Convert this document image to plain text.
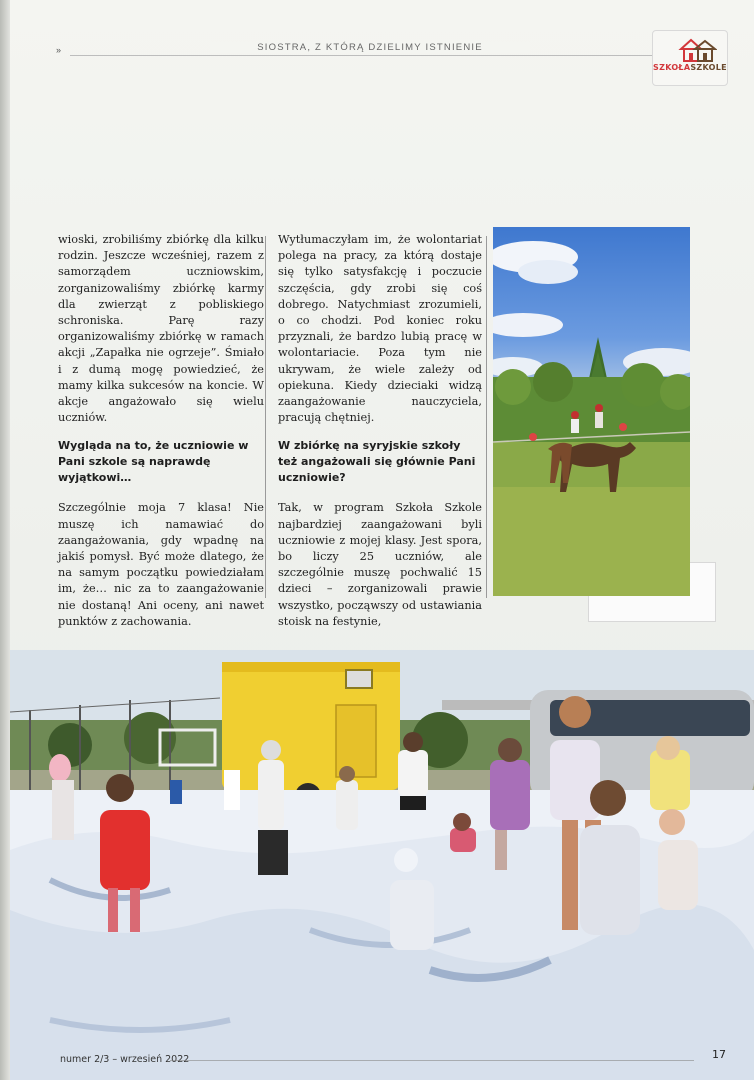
»	SIOSTRA, Z KTÓRĄ DZIELIMY ISTNIENIE
SZKOŁASZKOLE

wioski, zrobiliśmy zbiórkę dla kilku rodzin. Jeszcze wcześniej, razem z samorządem uczniowskim, zorganizowaliśmy zbiórkę karmy dla zwierząt z pobliskiego schroniska. Parę razy organizowaliśmy zbiórkę w ramach akcji „Zapałka nie ogrzeje”. Śmiało i z dumą mogę powiedzieć, że mamy kilka sukcesów na koncie. W akcje angażowało się wielu uczniów.

Wygląda na to, że uczniowie w Pani szkole są naprawdę wyjątkowi…

Szczególnie moja 7 klasa! Nie muszę ich namawiać do zaangażowania, gdy wpadnę na jakiś pomysł. Być może dlatego, że na samym początku powiedziałam im, że… nic za to zaangażowanie nie dostaną! Ani oceny, ani nawet punktów z zachowania.

Wytłumaczyłam im, że wolontariat polega na pracy, za którą dostaje się tylko satysfakcję i poczucie szczęścia, gdy zrobi się coś dobrego. Natychmiast zrozumieli, o co chodzi. Pod koniec roku przyznali, że bardzo lubią pracę w wolontariacie. Poza tym nie ukrywam, że wiele zależy od opiekuna. Kiedy dzieciaki widzą zaangażowanie nauczyciela, pracują chętniej.

W zbiórkę na syryjskie szkoły też angażowali się głównie Pani uczniowie?

Tak, w program Szkoła Szkole najbardziej zaangażowani byli uczniowie z mojej klasy. Jest spora, bo liczy 25 uczniów, ale szczególnie muszę pochwalić 15 dzieci – zorganizowali prawie wszystko, począwszy od ustawiania stoisk na festynie,

numer 2/3 – wrzesień 2022	17
